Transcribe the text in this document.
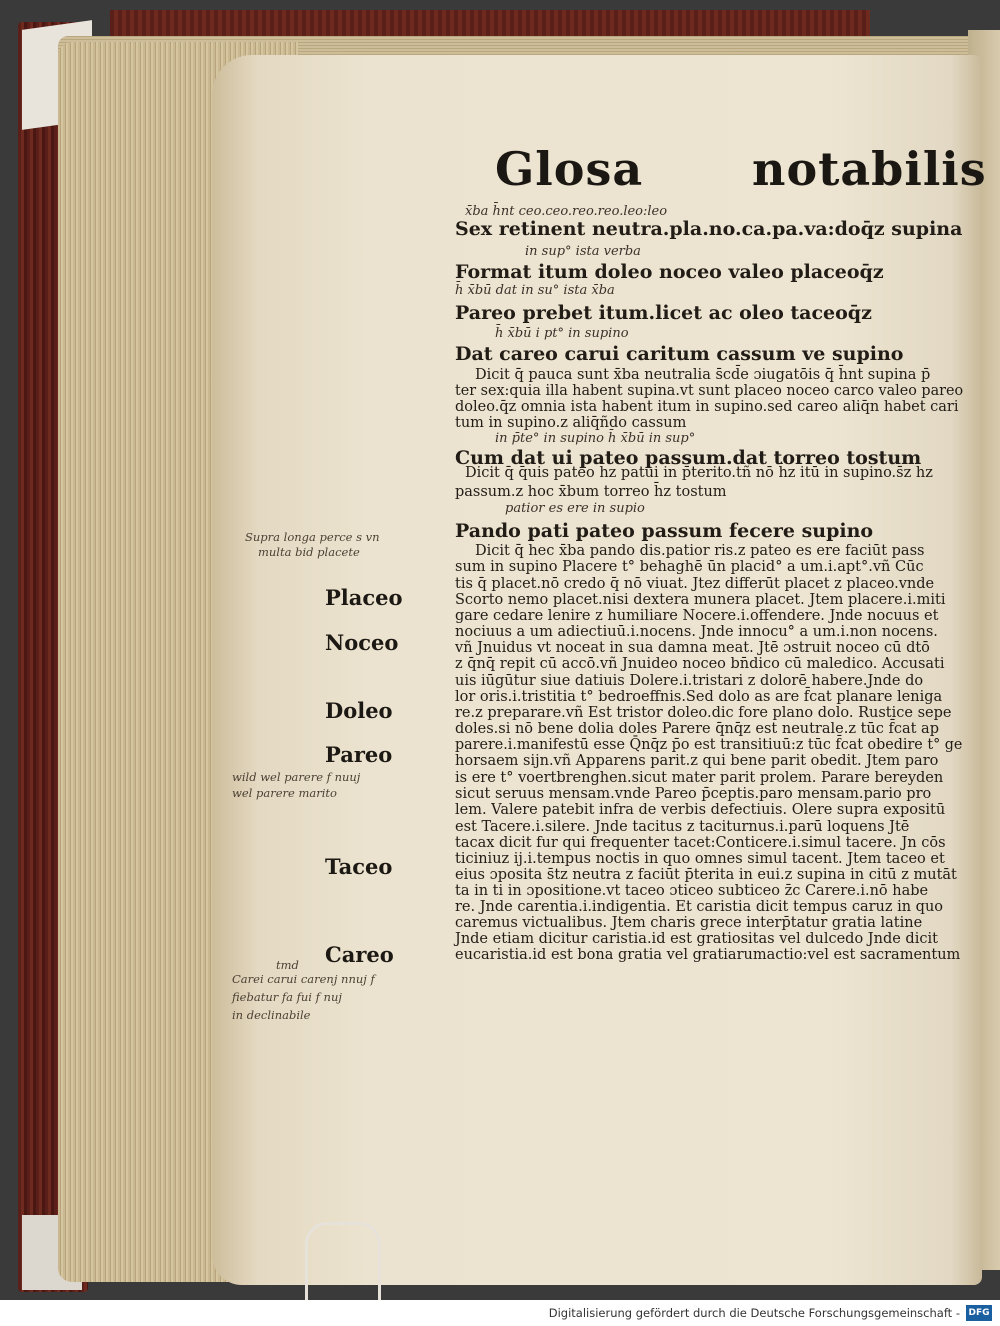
Glosa notabilis
x̄ba h̄nt ceo.ceo.reo.reo.leo:leo
Sex retinent neutra.pla.no.ca.pa.va:doq̄z supina
in sup° ista verba
Format itum doleo noceo valeo placeoq̄z
h̄ x̄bū dat in su° ista x̄ba
Pareo prebet itum.licet ac oleo taceoq̄z
h̄ x̄bū i pt° in supino
Dat careo carui caritum cassum ve supino
Dicit q̄ pauca sunt x̄ba neutralia s̄cd̄e ɔiugatōis q̄ h̄nt supina p̄
ter sex:quia illa habent supina.vt sunt placeo noceo carco valeo pareo
doleo.q̄z omnia ista habent itum in supino.sed careo aliq̄n habet cari
tum in supino.z aliq̄ñdo cassum
in p̄te° in supino h̄ x̄bū in sup°
Cum dat ui pateo passum.dat torreo tostum
Dicit q̄ q̄uis pateo h̄z patui in p̄terito.tñ nō h̄z itū in supino.s̄z h̄z
passum.z hoc x̄bum torreo h̄z tostum
patior es ere in supio
Pando pati pateo passum fecere supino
Dicit q̄ hec x̄ba pando dis.patior ris.z pateo es ere faciūt pass
sum in supino Placere t° behaghē ūn placid° a um.i.apt°.vñ Cūc
tis q̄ placet.nō credo q̄ nō viuat. Jtez differūt placet z placeo.vnde
Scorto nemo placet.nisi dextera munera placet. Jtem placere.i.miti
gare cedare lenire z humiliare Nocere.i.offendere. Jnde nocuus et
nociuus a um adiectiuū.i.nocens. Jnde innocu° a um.i.non nocens.
vñ Jnuidus vt noceat in sua damna meat. Jtē ɔstruit noceo cū dtō
z q̄nq̄ repit cū accō.vñ Jnuideo noceo bn̄dico cū maledico. Accusati
uis iūgūtur siue datiuis Dolere.i.tristari z dolorē habere.Jnde do
lor oris.i.tristitia t° bedroeffnis.Sed dolo as are f̄cat planare leniga
re.z preparare.vñ Est tristor doleo.dic fore plano dolo. Rustice sepe
doles.si nō bene dolia doles Parere q̄nq̄z est neutrale.z tūc f̄cat ap
parere.i.manifestū esse Q̄nq̄z p̄o est transitiuū:z tūc f̄cat obedire t° ge
horsaem sijn.vñ Apparens parit.z qui bene parit obedit. Jtem paro
is ere t° voertbrenghen.sicut mater parit prolem. Parare bereyden
sicut seruus mensam.vnde Pareo p̄ceptis.paro mensam.pario pro
lem. Valere patebit infra de verbis defectiuis. Olere supra expositū
est Tacere.i.silere. Jnde tacitus z taciturnus.i.parū loquens Jtē
tacax dicit fur qui frequenter tacet:Conticere.i.simul tacere. Jn cōs
ticiniuz ij.i.tempus noctis in quo omnes simul tacent. Jtem taceo et
eius ɔposita s̄tz neutra z faciūt p̄terita in eui.z supina in citū z mutāt
ta in ti in ɔpositione.vt taceo ɔticeo subticeo z̄c Carere.i.nō habe
re. Jnde carentia.i.indigentia. Et caristia dicit tempus caruz in quo
caremus victualibus. Jtem charis grece interp̄tatur gratia latine
Jnde etiam dicitur caristia.id est gratiositas vel dulcedo Jnde dicit
eucaristia.id est bona gratia vel gratiarumactio:vel est sacramentum
Placeo
Noceo
Doleo
Pareo
Taceo
Careo
Supra longa perce s vn
multa bid placete
wild wel parere f nuuj
wel parere marito
tmd
Carei carui carenj nnuj f
fiebatur fa fui f nuj
in declinabile
Digitalisierung gefördert durch die Deutsche Forschungsgemeinschaft - DFG
